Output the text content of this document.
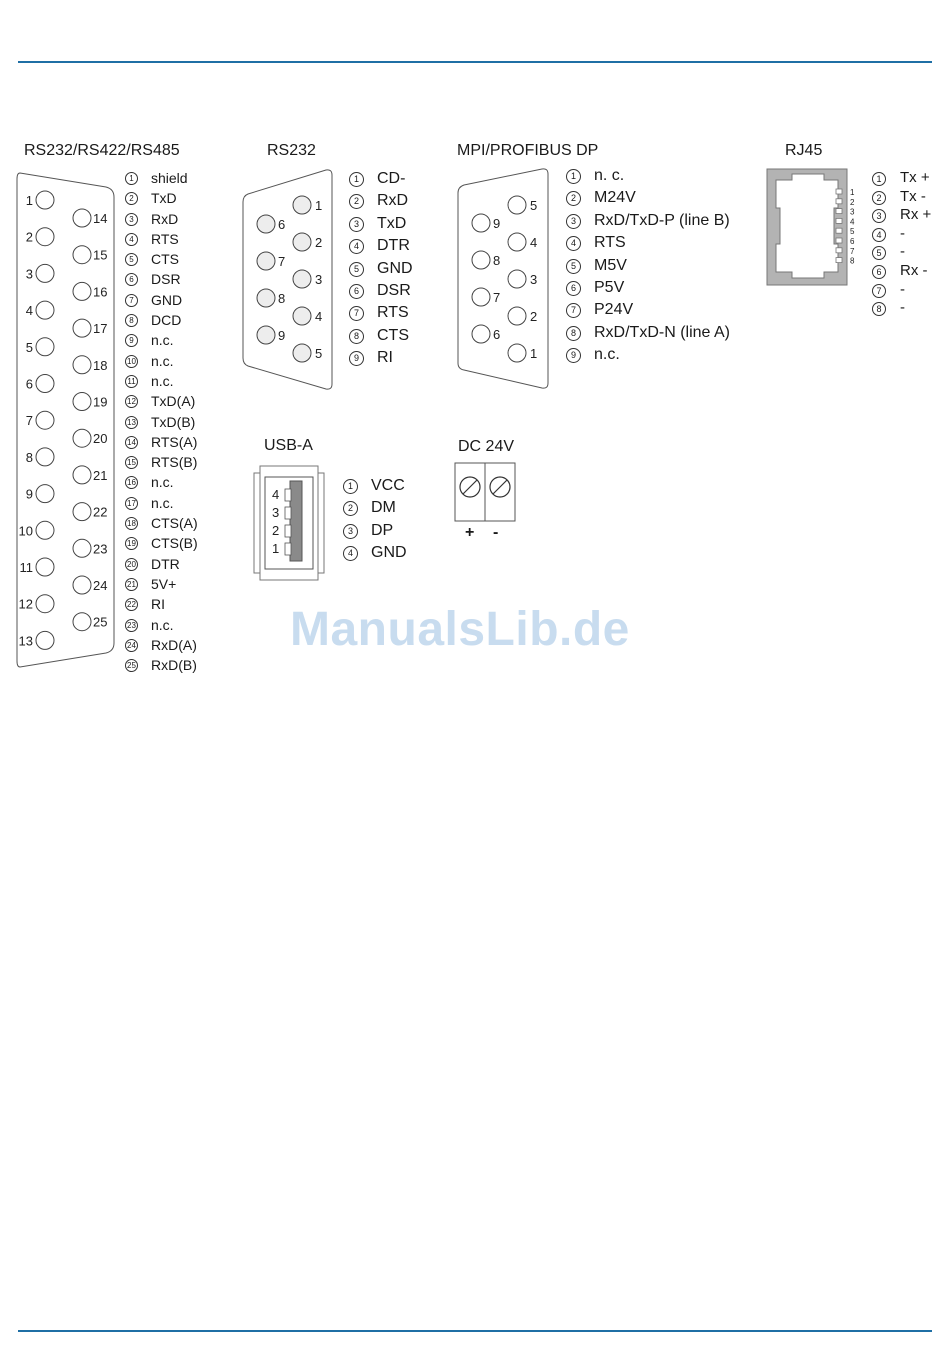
RS232/RS422/RS485
1
2
3
4
5
6
7
8
9
10
11
12
13
14
15
16
17
18
19
20
21
22
23
24
25
1	shield
2	TxD
3	RxD
4	RTS
5	CTS
6	DSR
7	GND
8	DCD
9	n.c.
10 n.c.
11 n.c.
12 TxD(A)
13 TxD(B)
14 RTS(A)
15 RTS(B)
16 n.c.
17 n.c.
18 CTS(A)
19 CTS(B)
20 DTR
21 5V+
22 RI
23 n.c.
24 RxD(A)
25 RxD(B)
RS232
1
2
3
4
5
6
7
8
9
1	CD-
2	RxD
3	TxD
4	DTR
5	GND
6	DSR
7	RTS
8	CTS
9	RI
MPI/PROFIBUS DP
5
4
3
2
1
9
8
7
6
1	n. c.
2	M24V
3	RxD/TxD-P (line B)
4	RTS
5	M5V
6	P5V
7	P24V
8	RxD/TxD-N (line A)
9	n.c.
RJ45
1
2
3
4
5
6
7
8
1	Tx +
2	Tx -
3	Rx +
4	-
5	-
6	Rx -
7	-
8	-
USB-A
4
3
2
1
1	VCC
2	DM
3	DP
4	GND
DC 24V
+ -
ManualsLib.de
